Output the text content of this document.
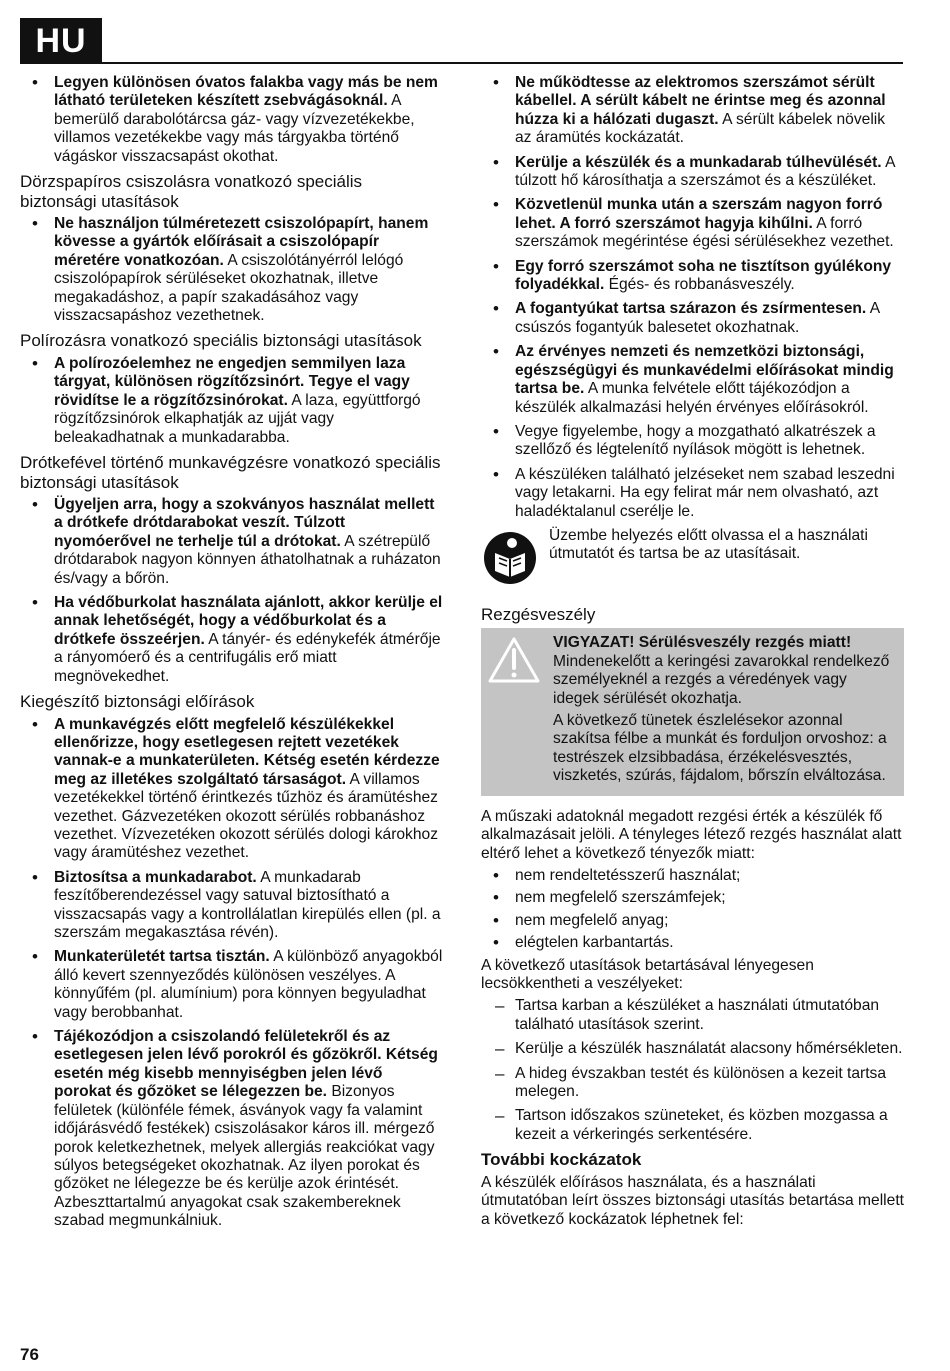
HU
• Legyen különösen óvatos falakba vagy más be nem látható területeken készített zsebvágásoknál. A bemerülő darabolótárcsa gáz- vagy vízvezetékekbe, villamos vezetékekbe vagy más tárgyakba történő vágáskor visszacsapást okothat.
Dörzspapíros csiszolásra vonatkozó speciális biztonsági utasítások
• Ne használjon túlméretezett csiszolópapírt, hanem kövesse a gyártók előírásait a csiszolópapír méretére vonatkozóan. A csiszolótányérról lelógó csiszolópapírok sérüléseket okozhatnak, illetve megakadáshoz, a papír szakadásához vagy visszacsapáshoz vezethetnek.
Polírozásra vonatkozó speciális biztonsági utasítások
• A polírozóelemhez ne engedjen semmilyen laza tárgyat, különösen rögzítőzsinórt. Tegye el vagy rövidítse le a rögzítőzsinórokat. A laza, együttforgó rögzítőzsinórok elkaphatják az ujját vagy beleakadhatnak a munkadarabba.
Drótkefével történő munkavégzésre vonatkozó speciális biztonsági utasítások
• Ügyeljen arra, hogy a szokványos használat mellett a drótkefe drótdarabokat veszít. Túlzott nyomóerővel ne terhelje túl a drótokat. A szétrepülő drótdarabok nagyon könnyen áthatolhatnak a ruházaton és/vagy a bőrön.
• Ha védőburkolat használata ajánlott, akkor kerülje el annak lehetőségét, hogy a védőburkolat és a drótkefe összeérjen. A tányér- és edénykefék átmérője a rányomóerő és a centrifugális erő miatt megnövekedhet.
Kiegészítő biztonsági előírások
• A munkavégzés előtt megfelelő készülékekkel ellenőrizze, hogy esetlegesen rejtett vezetékek vannak-e a munkaterületen. Kétség esetén kérdezze meg az illetékes szolgáltató társaságot. A villamos vezetékekkel történő érintkezés tűzhöz és áramütéshez vezethet. Gázvezetéken okozott sérülés robbanáshoz vezethet. Vízvezetéken okozott sérülés dologi károkhoz vagy áramütéshez vezethet.
• Biztosítsa a munkadarabot. A munkadarab feszítőberendezéssel vagy satuval biztosítható a visszacsapás vagy a kontrollálatlan kirepülés ellen (pl. a szerszám megakasztása révén).
• Munkaterületét tartsa tisztán. A különböző anyagokból álló kevert szennyeződés különösen veszélyes. A könnyűfém (pl. alumínium) pora könnyen begyuladhat vagy berobbanhat.
• Tájékozódjon a csiszolandó felületekről és az esetlegesen jelen lévő porokról és gőzökről. Kétség esetén még kisebb mennyiségben jelen lévő porokat és gőzöket se lélegezzen be. Bizonyos felületek (különféle fémek, ásványok vagy fa valamint időjárásvédő festékek) csiszolásakor káros ill. mérgező porok keletkezhetnek, melyek allergiás reakciókat vagy súlyos betegségeket okozhatnak. Az ilyen porokat és gőzöket ne lélegezze be és kerülje azok érintését. Azbeszttartalmú anyagokat csak szakembereknek szabad megmunkálniuk.
• Ne működtesse az elektromos szerszámot sérült kábellel. A sérült kábelt ne érintse meg és azonnal húzza ki a hálózati dugaszt. A sérült kábelek növelik az áramütés kockázatát.
• Kerülje a készülék és a munkadarab túlhevülését. A túlzott hő károsíthatja a szerszámot és a készüléket.
• Közvetlenül munka után a szerszám nagyon forró lehet. A forró szerszámot hagyja kihűlni. A forró szerszámok megérintése égési sérülésekhez vezethet.
• Egy forró szerszámot soha ne tisztítson gyúlékony folyadékkal. Égés- és robbanásveszély.
• A fogantyúkat tartsa szárazon és zsírmentesen. A csúszós fogantyúk balesetet okozhatnak.
• Az érvényes nemzeti és nemzetközi biztonsági, egészségügyi és munkavédelmi előírásokat mindig tartsa be. A munka felvétele előtt tájékozódjon a készülék alkalmazási helyén érvényes előírásokról.
• Vegye figyelembe, hogy a mozgatható alkatrészek a szellőző és légtelenítő nyílások mögött is lehetnek.
• A készüléken található jelzéseket nem szabad leszedni vagy letakarni. Ha egy felirat már nem olvasható, azt haladéktalanul cserélje le.
Üzembe helyezés előtt olvassa el a használati útmutatót és tartsa be az utasításait.
Rezgésveszély

VIGYAZAT! Sérülésveszély rezgés miatt! Mindenekelőtt a keringési zavarokkal rendelkező személyeknél a rezgés a véredények vagy idegek sérülését okozhatja.

A következő tünetek észlelésekor azonnal szakítsa félbe a munkát és forduljon orvoshoz: a testrészek elzsibbadása, érzékelésvesztés, viszketés, szúrás, fájdalom, bőrszín elváltozása.

A műszaki adatoknál megadott rezgési érték a készülék fő alkalmazásait jelöli. A tényleges létező rezgés használat alatt eltérő lehet a következő tényezők miatt:

• nem rendeltetésszerű használat;
• nem megfelelő szerszámfejek;
• nem megfelelő anyag;
• elégtelen karbantartás.

A következő utasítások betartásával lényegesen lecsökkentheti a veszélyeket:

– Tartsa karban a készüléket a használati útmutatóban található utasítások szerint.
– Kerülje a készülék használatát alacsony hőmérsékleten.
– A hideg évszakban testét és különösen a kezeit tartsa melegen.
– Tartson időszakos szüneteket, és közben mozgassa a kezeit a vérkeringés serkentésére.
További kockázatok

A készülék előírásos használata, és a használati útmutatóban leírt összes biztonsági utasítás betartása mellett a következő kockázatok léphetnek fel:

76
